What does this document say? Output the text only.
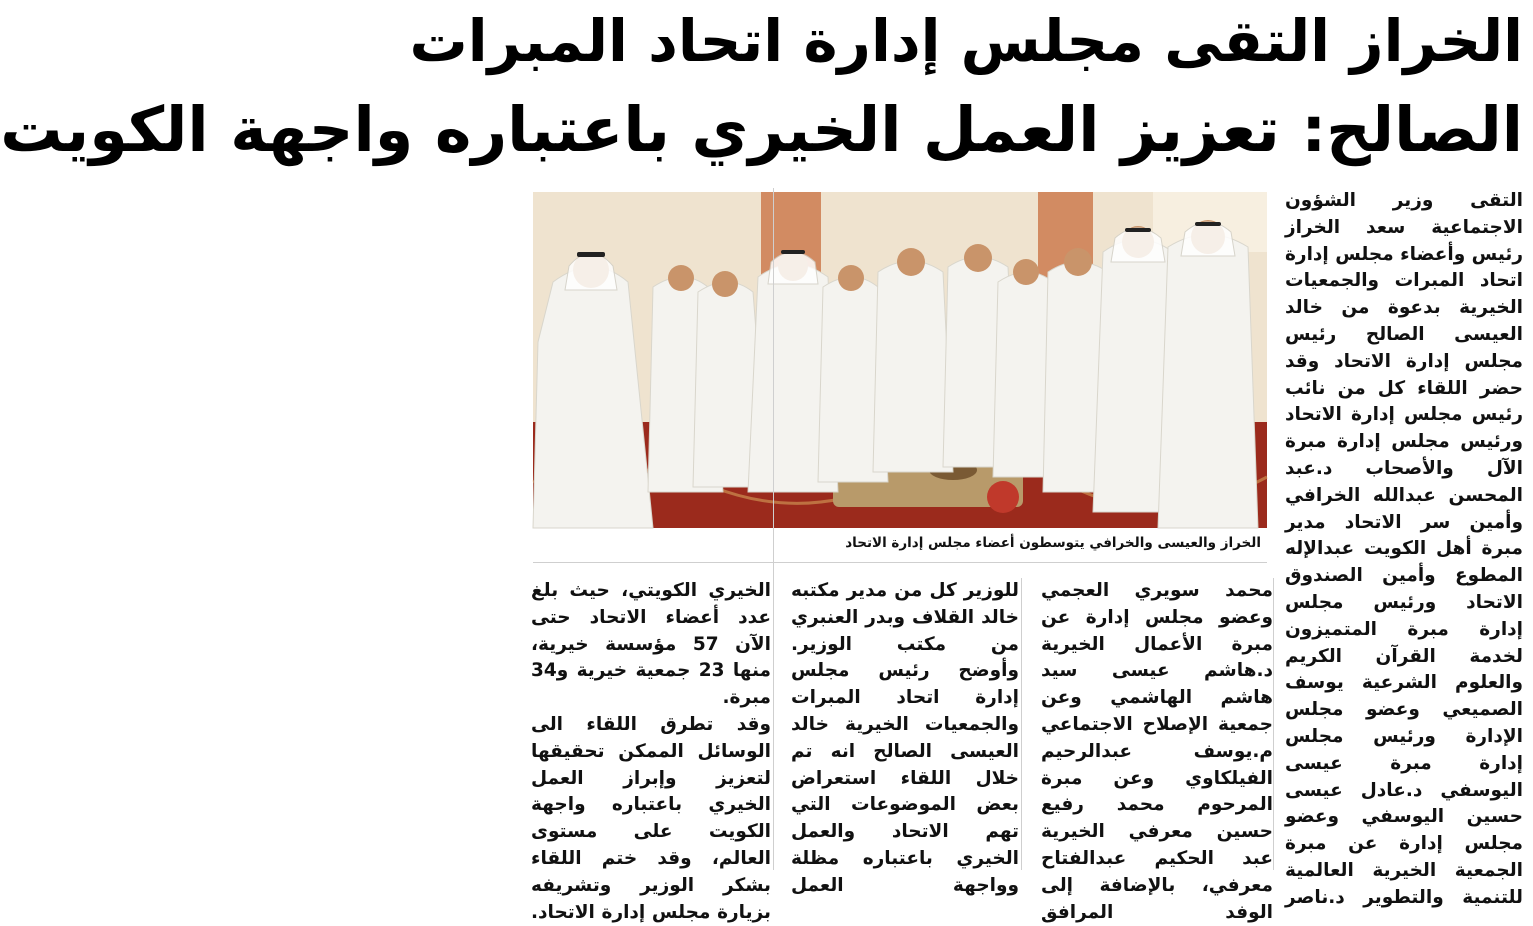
الخراز التقى مجلس إدارة اتحاد المبرات
الصالح: تعزيز العمل الخيري باعتباره واجهة الكويت

التقى وزير الشؤون الاجتماعية سعد الخراز رئيس وأعضاء مجلس إدارة اتحاد المبرات والجمعيات الخيرية بدعوة من خالد العيسى الصالح رئيس مجلس إدارة الاتحاد وقد حضر اللقاء كل من نائب رئيس مجلس إدارة الاتحاد ورئيس مجلس إدارة مبرة الآل والأصحاب د.عبد المحسن عبدالله الخرافي وأمين سر الاتحاد مدير مبرة أهل الكويت عبدالإله المطوع وأمين الصندوق الاتحاد ورئيس مجلس إدارة مبرة المتميزون لخدمة القرآن الكريم والعلوم الشرعية يوسف الصميعي وعضو مجلس الإدارة ورئيس مجلس إدارة مبرة عيسى اليوسفي د.عادل عيسى حسين اليوسفي وعضو مجلس إدارة عن مبرة الجمعية الخيرية العالمية للتنمية والتطوير د.ناصر

الخراز والعيسى والخرافي يتوسطون أعضاء مجلس إدارة الاتحاد

محمد سويري العجمي وعضو مجلس إدارة عن مبرة الأعمال الخيرية د.هاشم عيسى سيد هاشم الهاشمي وعن جمعية الإصلاح الاجتماعي م.يوسف عبدالرحيم الفيلكاوي وعن مبرة المرحوم محمد رفيع حسين معرفي الخيرية عبد الحكيم عبدالفتاح معرفي، بالإضافة إلى الوفد المرافق

للوزير كل من مدير مكتبه خالد القلاف وبدر العنبري من مكتب الوزير.

وأوضح رئيس مجلس إدارة اتحاد المبرات والجمعيات الخيرية خالد العيسى الصالح انه تم خلال اللقاء استعراض بعض الموضوعات التي تهم الاتحاد والعمل الخيري باعتباره مظلة وواجهة العمل

الخيري الكويتي، حيث بلغ عدد أعضاء الاتحاد حتى الآن 57 مؤسسة خيرية، منها 23 جمعية خيرية و34 مبرة.

وقد تطرق اللقاء الى الوسائل الممكن تحقيقها لتعزيز وإبراز العمل الخيري باعتباره واجهة الكويت على مستوى العالم، وقد ختم اللقاء بشكر الوزير وتشريفه بزيارة مجلس إدارة الاتحاد.
